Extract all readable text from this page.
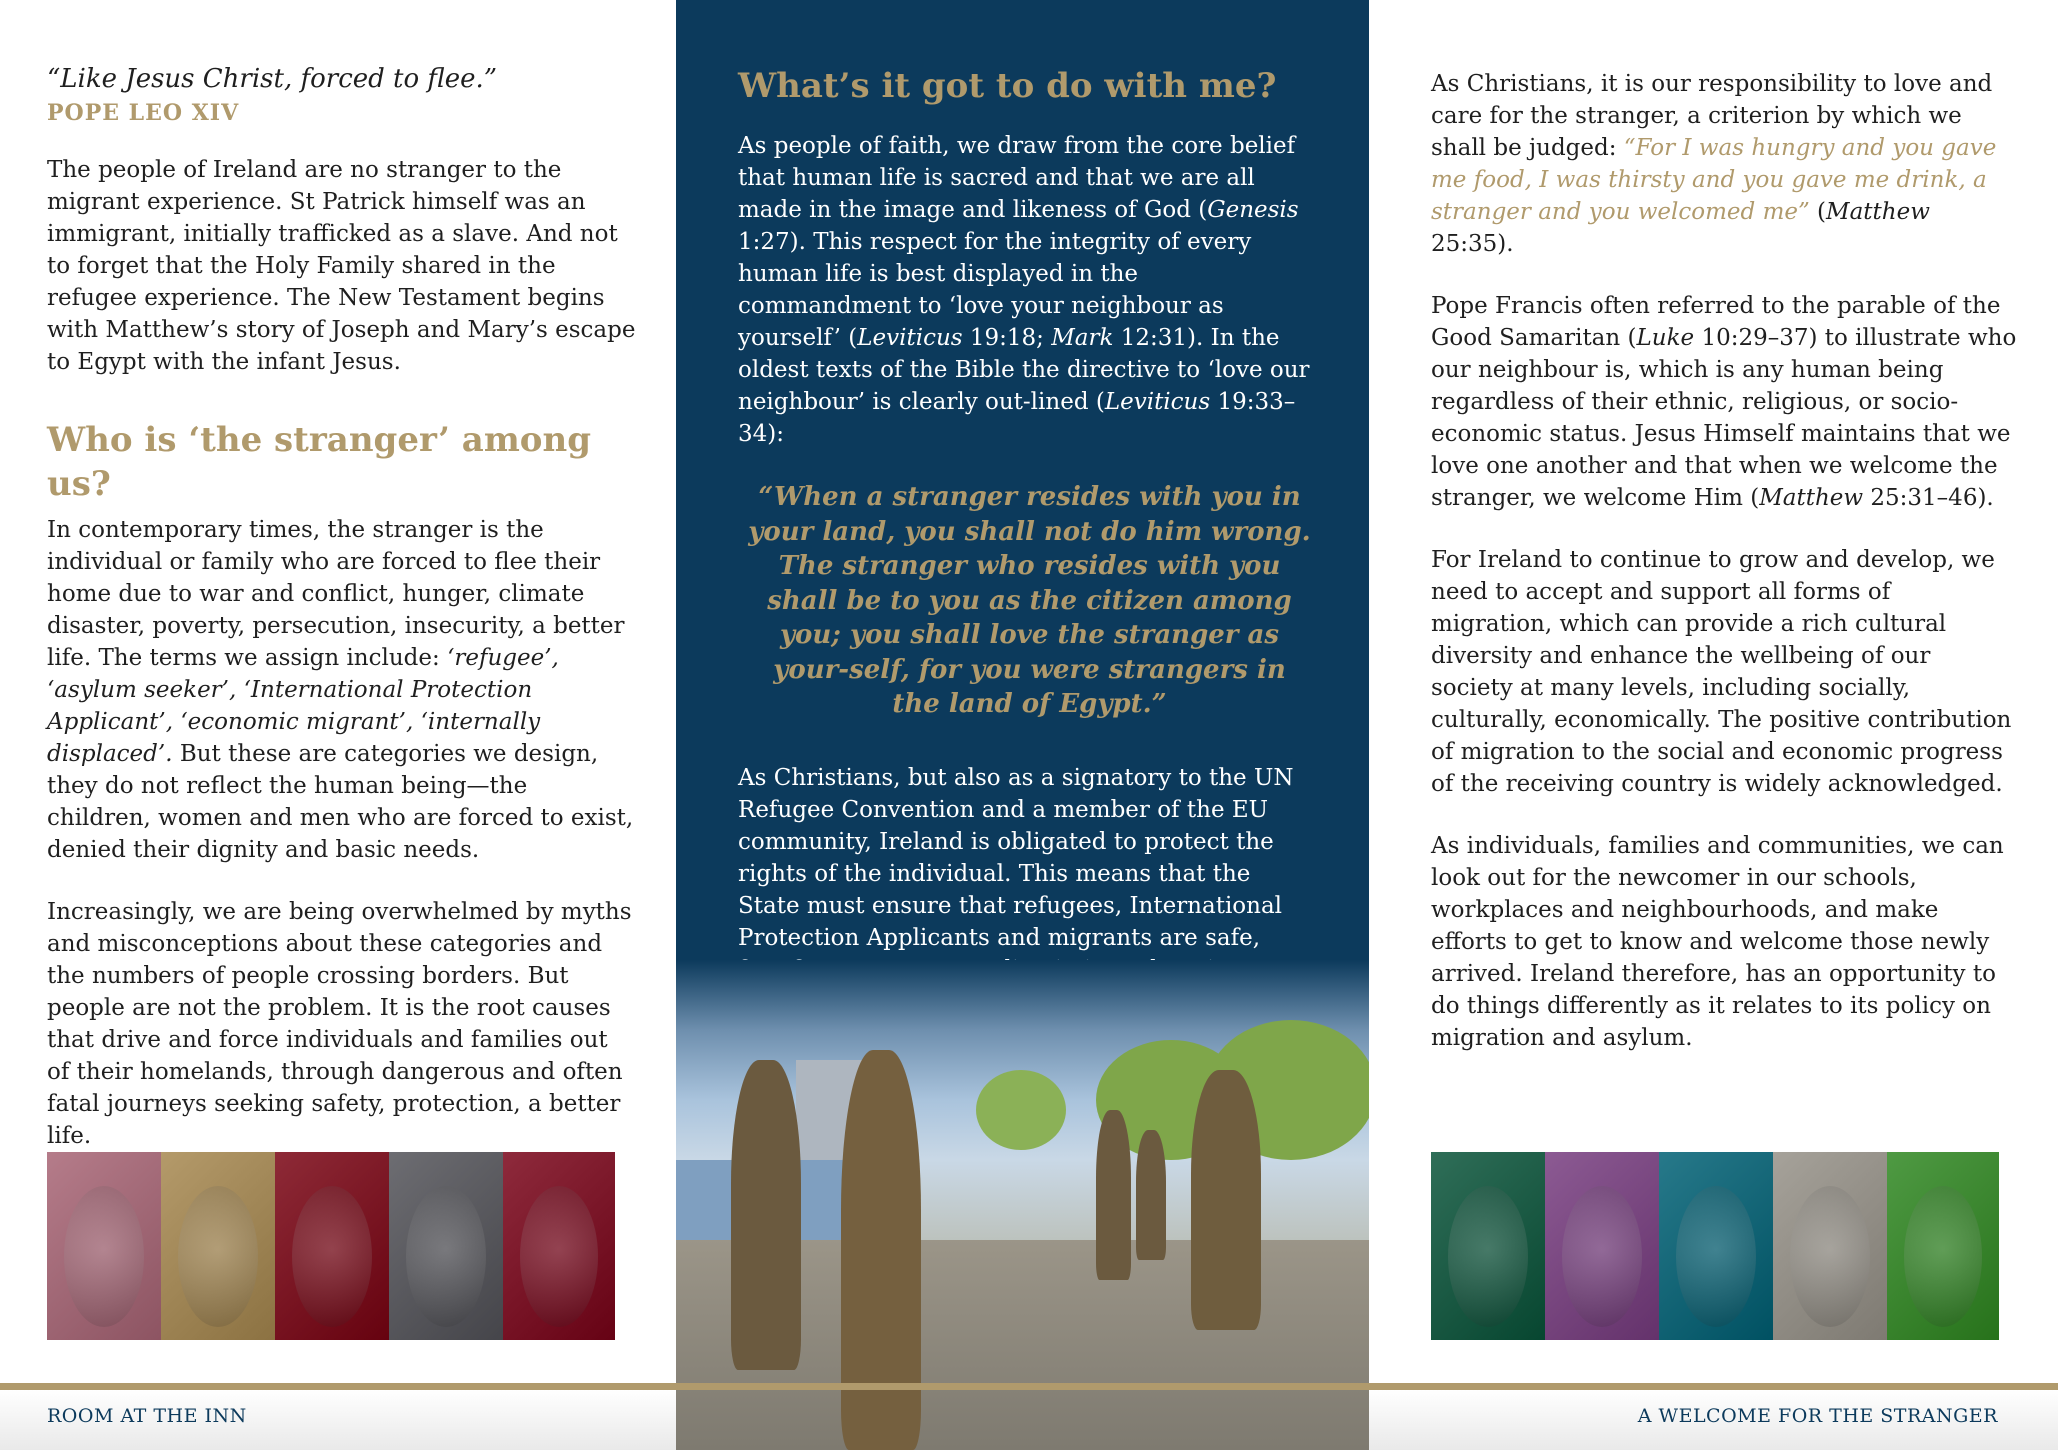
“Like Jesus Christ, forced to flee.”

POPE LEO XIV

The people of Ireland are no stranger to the migrant experience. St Patrick himself was an immigrant, initially trafficked as a slave. And not to forget that the Holy Family shared in the refugee experience. The New Testament begins with Matthew’s story of Joseph and Mary’s escape to Egypt with the infant Jesus.

Who is ‘the stranger’ among us?

In contemporary times, the stranger is the individual or family who are forced to flee their home due to war and conflict, hunger, climate disaster, poverty, persecution, insecurity, a better life. The terms we assign include: ‘refugee’, ‘asylum seeker’, ‘International Protection Applicant’, ‘economic migrant’, ‘internally displaced’. But these are categories we design, they do not reflect the human being—the children, women and men who are forced to exist, denied their dignity and basic needs.

Increasingly, we are being overwhelmed by myths and misconceptions about these categories and the numbers of people crossing borders. But people are not the problem. It is the root causes that drive and force individuals and families out of their homelands, through dangerous and often fatal journeys seeking safety, protection, a better life.

What’s it got to do with me?

As people of faith, we draw from the core belief that human life is sacred and that we are all made in the image and likeness of God (Genesis 1:27). This respect for the integrity of every human life is best displayed in the commandment to ‘love your neighbour as yourself’ (Leviticus 19:18; Mark 12:31). In the oldest texts of the Bible the directive to ‘love our neighbour’ is clearly out-lined (Leviticus 19:33–34):

“When a stranger resides with you in your land, you shall not do him wrong. The stranger who resides with you shall be to you as the citizen among you; you shall love the stranger as your-self, for you were strangers in the land of Egypt.”

As Christians, but also as a signatory to the UN Refugee Convention and a member of the EU community, Ireland is obligated to protect the rights of the individual. This means that the State must ensure that refugees, International Protection Applicants and migrants are safe,

As Christians, it is our responsibility to love and care for the stranger, a criterion by which we shall be judged: “For I was hungry and you gave me food, I was thirsty and you gave me drink, a stranger and you welcomed me” (Matthew 25:35).

Pope Francis often referred to the parable of the Good Samaritan (Luke 10:29–37) to illustrate who our neighbour is, which is any human being regardless of their ethnic, religious, or socio-economic status. Jesus Himself maintains that we love one another and that when we welcome the stranger, we welcome Him (Matthew 25:31–46).

For Ireland to continue to grow and develop, we need to accept and support all forms of migration, which can provide a rich cultural diversity and enhance the wellbeing of our society at many levels, including socially, culturally, economically. The positive contribution of migration to the social and economic progress of the receiving country is widely acknowledged.

As individuals, families and communities, we can look out for the newcomer in our schools, workplaces and neighbourhoods, and make efforts to get to know and welcome those newly arrived. Ireland therefore, has an opportunity to do things differently as it relates to its policy on migration and asylum.

ROOM AT THE INN	A WELCOME FOR THE STRANGER
